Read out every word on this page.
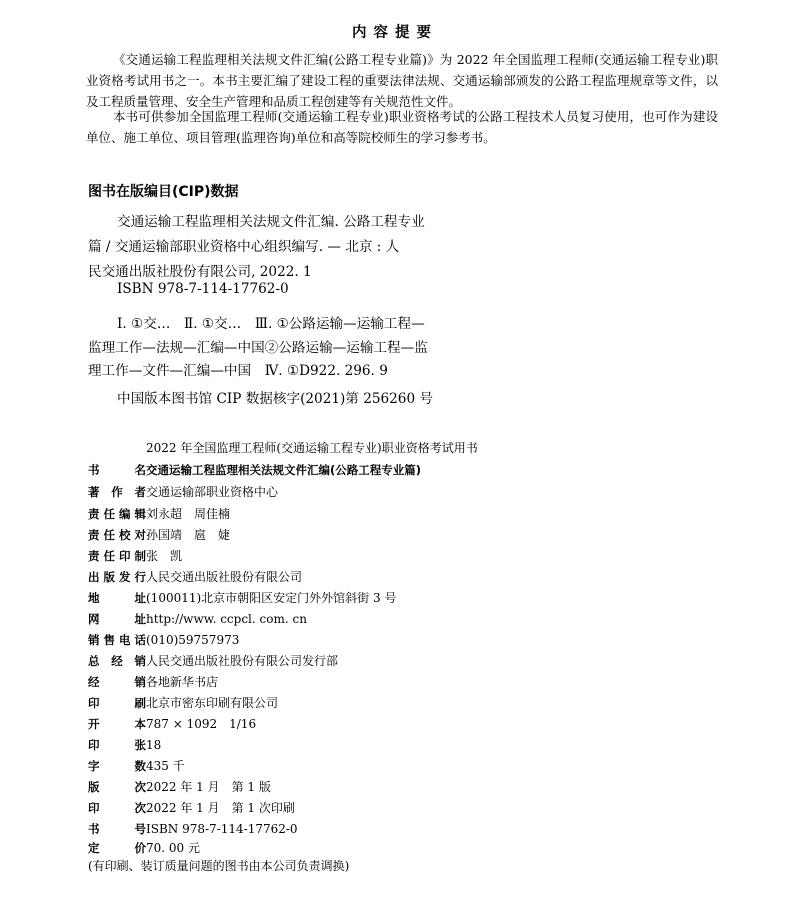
内容提要
《交通运输工程监理相关法规文件汇编(公路工程专业篇)》为 2022 年全国监理工程师(交通运输工程专业)职业资格考试用书之一。本书主要汇编了建设工程的重要法律法规、交通运输部颁发的公路工程监理规章等文件，以及工程质量管理、安全生产管理和品质工程创建等有关规范性文件。
本书可供参加全国监理工程师(交通运输工程专业)职业资格考试的公路工程技术人员复习使用，也可作为建设单位、施工单位、项目管理(监理咨询)单位和高等院校师生的学习参考书。
图书在版编目(CIP)数据
交通运输工程监理相关法规文件汇编. 公路工程专业
篇 / 交通运输部职业资格中心组织编写. — 北京 : 人
民交通出版社股份有限公司, 2022. 1
ISBN 978-7-114-17762-0
Ⅰ. ①交…　Ⅱ. ①交…　Ⅲ. ①公路运输—运输工程—
监理工作—法规—汇编—中国②公路运输—运输工程—监
理工作—文件—汇编—中国　Ⅳ. ①D922. 296. 9
中国版本图书馆 CIP 数据核字(2021)第 256260 号
2022 年全国监理工程师(交通运输工程专业)职业资格考试用书
书名交通运输工程监理相关法规文件汇编(公路工程专业篇)
著作者交通运输部职业资格中心
责任编辑刘永超　周佳楠
责任校对孙国靖　扈　婕
责任印制张　凯
出版发行人民交通出版社股份有限公司
地址(100011)北京市朝阳区安定门外外馆斜街 3 号
网址http://www. ccpcl. com. cn
销售电话(010)59757973
总经销人民交通出版社股份有限公司发行部
经销各地新华书店
印刷北京市密东印刷有限公司
开本787 × 1092　1/16
印张18
字数435 千
版次2022 年 1 月　第 1 版
印次2022 年 1 月　第 1 次印刷
书号ISBN 978-7-114-17762-0
定价70. 00 元
(有印刷、装订质量问题的图书由本公司负责调换)
